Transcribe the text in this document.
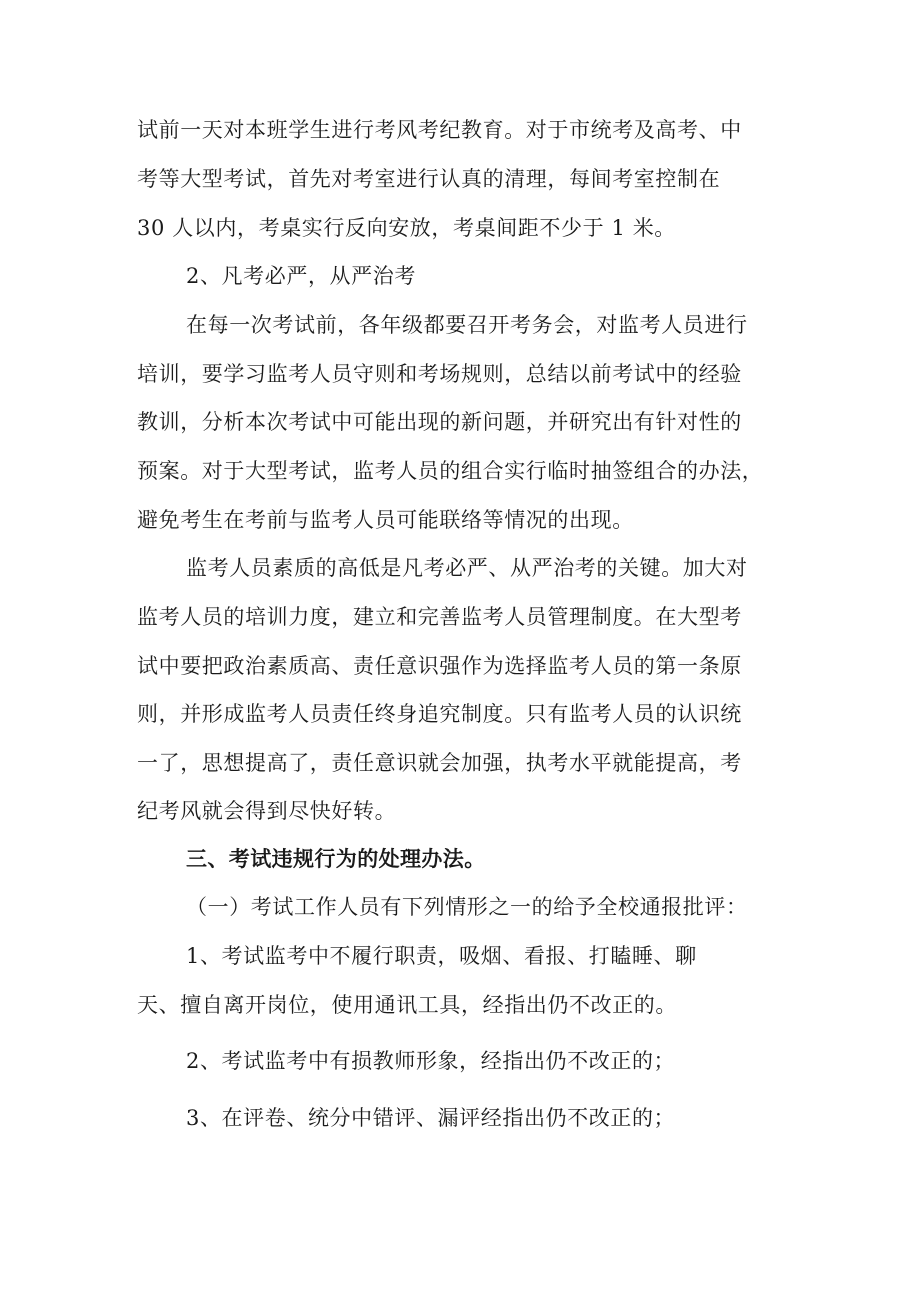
试前一天对本班学生进行考风考纪教育。对于市统考及高考、中
考等大型考试，首先对考室进行认真的清理，每间考室控制在
30 人以内，考桌实行反向安放，考桌间距不少于 1 米。
2、凡考必严，从严治考
在每一次考试前，各年级都要召开考务会，对监考人员进行
培训，要学习监考人员守则和考场规则，总结以前考试中的经验
教训，分析本次考试中可能出现的新问题，并研究出有针对性的
预案。对于大型考试，监考人员的组合实行临时抽签组合的办法，
避免考生在考前与监考人员可能联络等情况的出现。
监考人员素质的高低是凡考必严、从严治考的关键。加大对
监考人员的培训力度，建立和完善监考人员管理制度。在大型考
试中要把政治素质高、责任意识强作为选择监考人员的第一条原
则，并形成监考人员责任终身追究制度。只有监考人员的认识统
一了，思想提高了，责任意识就会加强，执考水平就能提高，考
纪考风就会得到尽快好转。
三、考试违规行为的处理办法。
（一）考试工作人员有下列情形之一的给予全校通报批评：
1、考试监考中不履行职责，吸烟、看报、打瞌睡、聊
天、擅自离开岗位，使用通讯工具，经指出仍不改正的。
2、考试监考中有损教师形象，经指出仍不改正的；
3、在评卷、统分中错评、漏评经指出仍不改正的；
